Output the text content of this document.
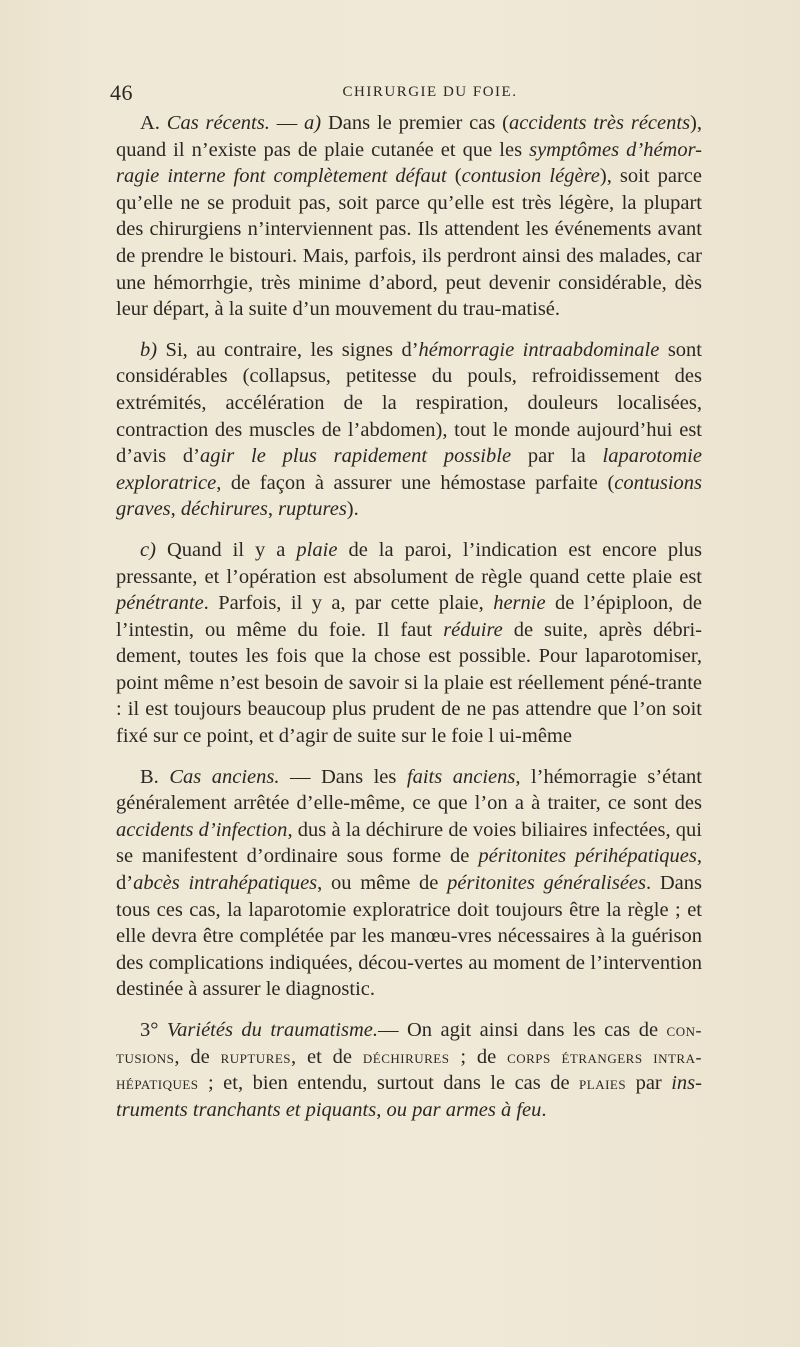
46	CHIRURGIE DU FOIE.

A. Cas récents. — a) Dans le premier cas (accidents très récents), quand il n’existe pas de plaie cutanée et que les symptômes d’hémor-ragie interne font complètement défaut (contusion légère), soit parce qu’elle ne se produit pas, soit parce qu’elle est très légère, la plupart des chirurgiens n’interviennent pas. Ils attendent les événements avant de prendre le bistouri. Mais, parfois, ils perdront ainsi des malades, car une hémorrhgie, très minime d’abord, peut devenir considérable, dès leur départ, à la suite d’un mouvement du trau-matisé.

b) Si, au contraire, les signes d’hémorragie intraabdominale sont considérables (collapsus, petitesse du pouls, refroidissement des extrémités, accélération de la respiration, douleurs localisées, contraction des muscles de l’abdomen), tout le monde aujourd’hui est d’avis d’agir le plus rapidement possible par la laparotomie exploratrice, de façon à assurer une hémostase parfaite (contusions graves, déchirures, ruptures).

c) Quand il y a plaie de la paroi, l’indication est encore plus pressante, et l’opération est absolument de règle quand cette plaie est pénétrante. Parfois, il y a, par cette plaie, hernie de l’épiploon, de l’intestin, ou même du foie. Il faut réduire de suite, après débri-dement, toutes les fois que la chose est possible. Pour laparotomiser, point même n’est besoin de savoir si la plaie est réellement péné-trante : il est toujours beaucoup plus prudent de ne pas attendre que l’on soit fixé sur ce point, et d’agir de suite sur le foie l ui-même

B. Cas anciens. — Dans les faits anciens, l’hémorragie s’étant généralement arrêtée d’elle-même, ce que l’on a à traiter, ce sont des accidents d’infection, dus à la déchirure de voies biliaires infectées, qui se manifestent d’ordinaire sous forme de péritonites périhépatiques, d’abcès intrahépatiques, ou même de péritonites généralisées. Dans tous ces cas, la laparotomie exploratrice doit toujours être la règle ; et elle devra être complétée par les manœu-vres nécessaires à la guérison des complications indiquées, décou-vertes au moment de l’intervention destinée à assurer le diagnostic.

3° Variétés du traumatisme.— On agit ainsi dans les cas de con-tusions, de ruptures, et de déchirures ; de corps étrangers intra-hépatiques ; et, bien entendu, surtout dans le cas de plaies par ins-truments tranchants et piquants, ou par armes à feu.
